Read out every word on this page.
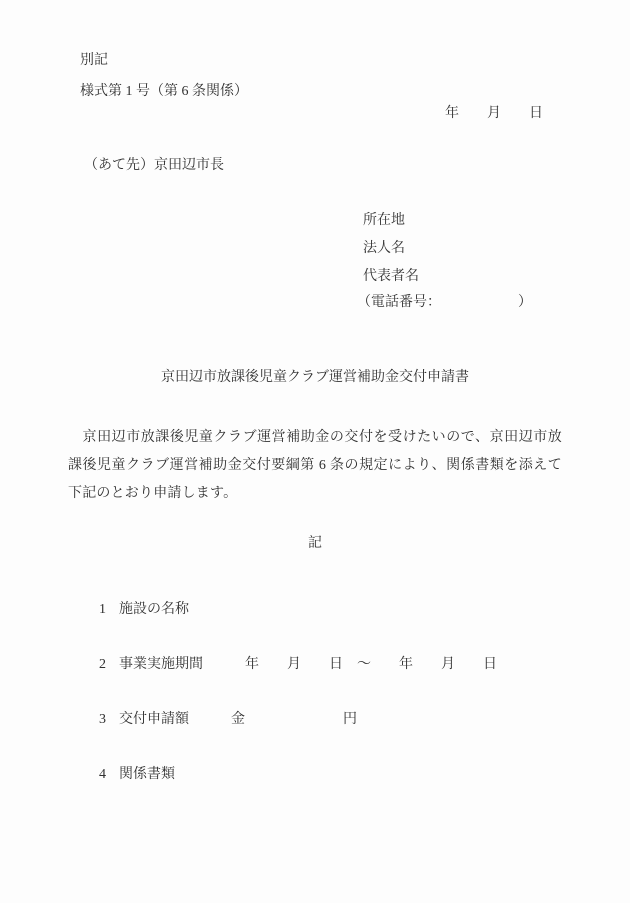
別記
様式第 1 号（第 6 条関係）
年　　月　　日
（あて先）京田辺市長
所在地
法人名
代表者名
（電話番号：　　　　　　）
京田辺市放課後児童クラブ運営補助金交付申請書
　京田辺市放課後児童クラブ運営補助金の交付を受けたいので、京田辺市放課後児童クラブ運営補助金交付要綱第 6 条の規定により、関係書類を添えて下記のとおり申請します。
記

1 施設の名称

2 事業実施期間　　　年　　月　　日　〜　　年　　月　　日

3 交付申請額　　　金　　　　　　　円

4 関係書類
